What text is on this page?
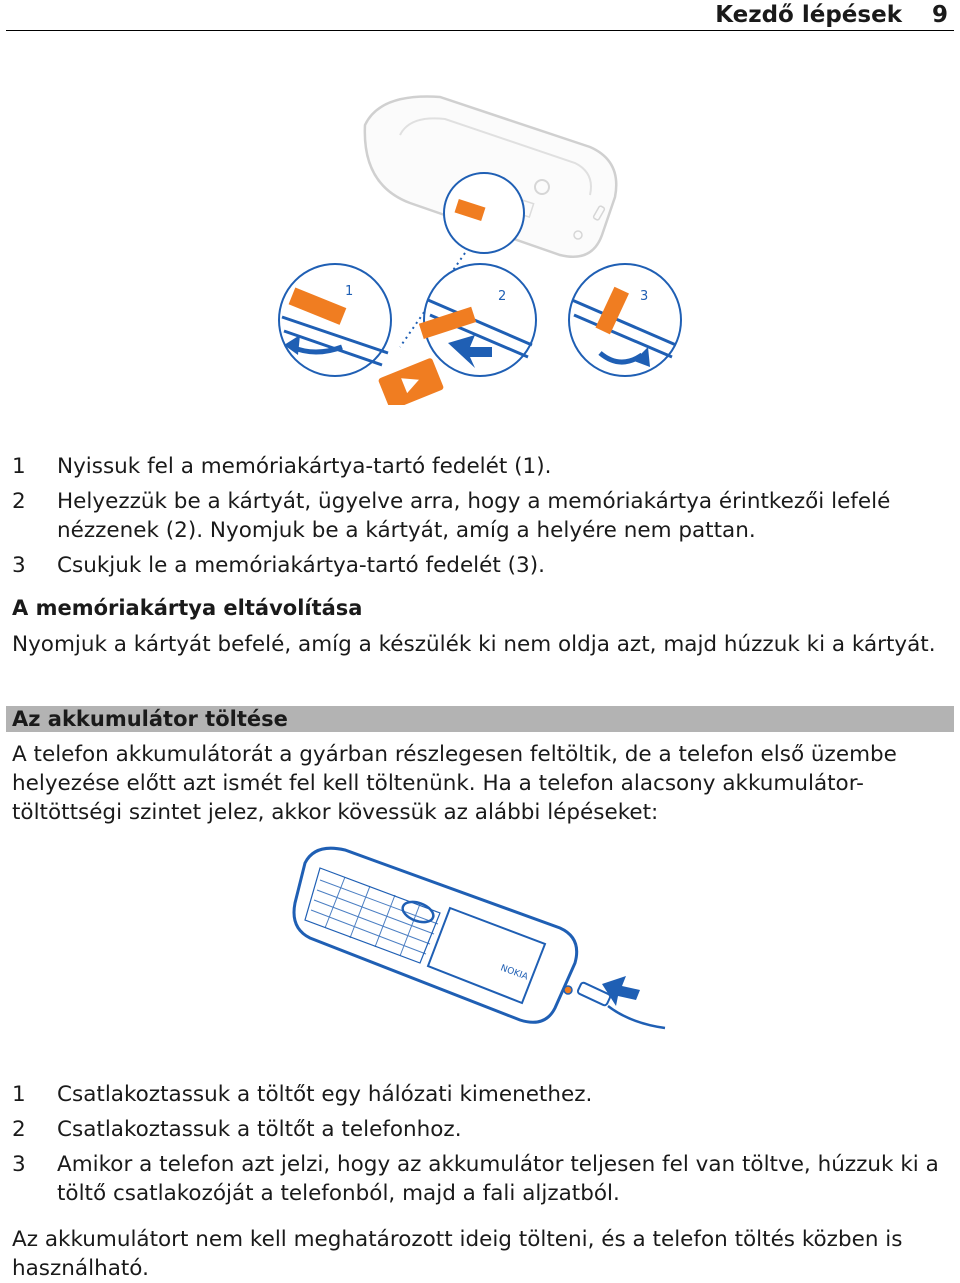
Kezdő lépések 9
1	2	3
1 Nyissuk fel a memóriakártya-tartó fedelét (1).
2 Helyezzük be a kártyát, ügyelve arra, hogy a memóriakártya érintkezői lefelé nézzenek (2). Nyomjuk be a kártyát, amíg a helyére nem pattan.
3 Csukjuk le a memóriakártya-tartó fedelét (3).
A memóriakártya eltávolítása

Nyomjuk a kártyát befelé, amíg a készülék ki nem oldja azt, majd húzzuk ki a kártyát.

Az akkumulátor töltése

A telefon akkumulátorát a gyárban részlegesen feltöltik, de a telefon első üzembe helyezése előtt azt ismét fel kell töltenünk. Ha a telefon alacsony akkumulátor-töltöttségi szintet jelez, akkor kövessük az alábbi lépéseket:

NOKIA
1 Csatlakoztassuk a töltőt egy hálózati kimenethez.
2 Csatlakoztassuk a töltőt a telefonhoz.
3 Amikor a telefon azt jelzi, hogy az akkumulátor teljesen fel van töltve, húzzuk ki a töltő csatlakozóját a telefonból, majd a fali aljzatból.

Az akkumulátort nem kell meghatározott ideig tölteni, és a telefon töltés közben is használható.
